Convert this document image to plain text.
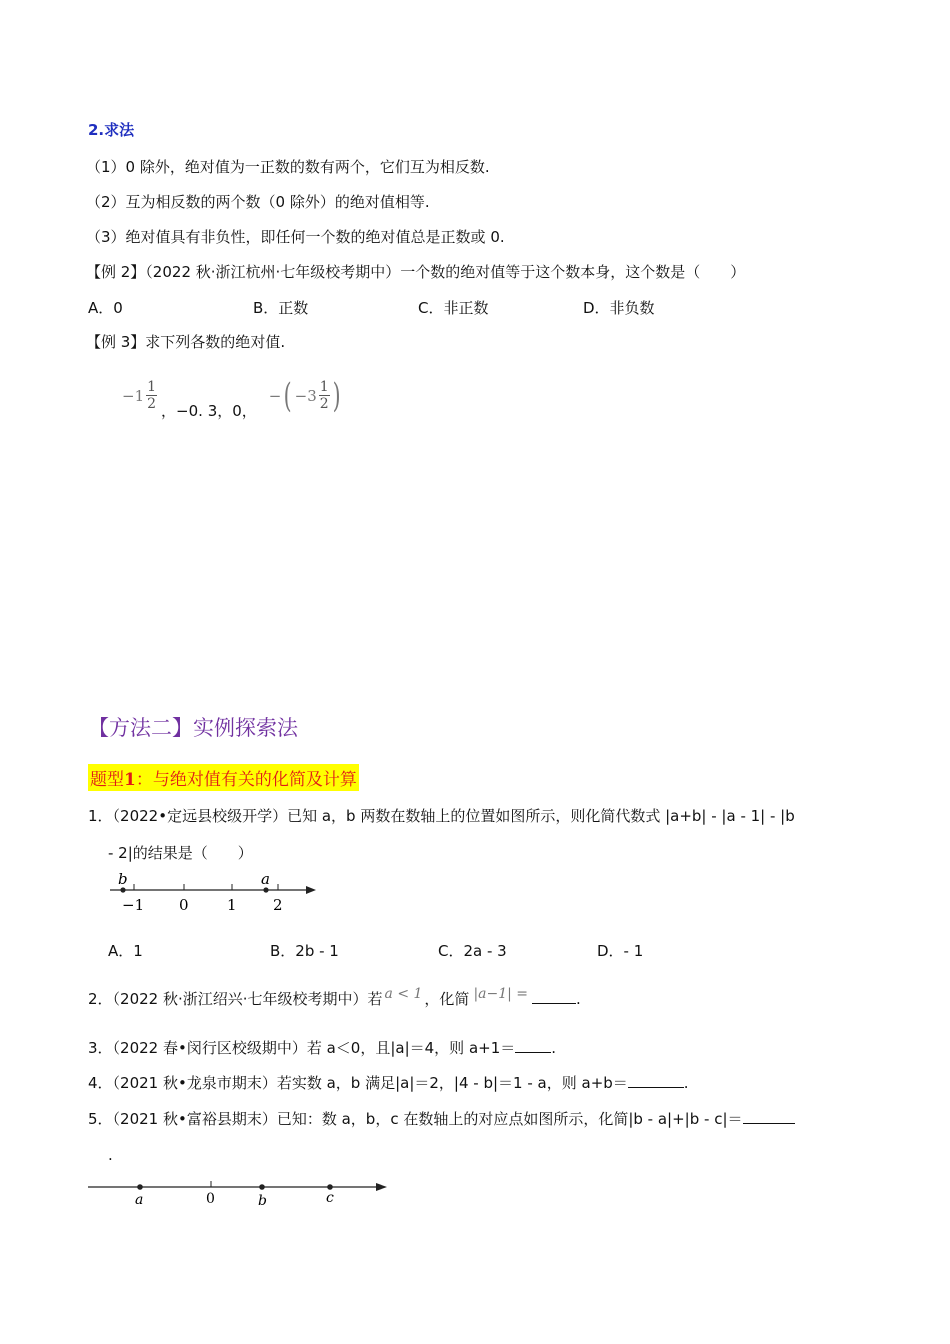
2.求法
（1）0 除外，绝对值为一正数的数有两个，它们互为相反数.
（2）互为相反数的两个数（0 除外）的绝对值相等.
（3）绝对值具有非负性，即任何一个数的绝对值总是正数或 0.
【例 2】（2022 秋·浙江杭州·七年级校考期中）一个数的绝对值等于这个数本身，这个数是（　　）
A．0	B．正数	C．非正数	D．非负数
【例 3】求下列各数的绝对值.
$-1 \frac{1}{2}$ ，−0. 3，0，
− ( $-3 \frac{1}{2}$ )
【方法二】实例探索法
题型1：与绝对值有关的化简及计算
1．（2022•定远县校级开学）已知 a，b 两数在数轴上的位置如图所示，则化简代数式 |a+b| ‐ |a ‐ 1| ‐ |b
‐ 2|的结果是（　　）
b	a
−1 0	1 2
A．1	B．2b ‐ 1	C．2a ‐ 3	D．‐ 1
2．（2022 秋·浙江绍兴·七年级校考期中）若 a < 1 ，化简 |a−1| =	.
3．（2022 春•闵行区校级期中）若 a＜0，且|a|＝4，则 a+1＝ .
4．（2021 秋•龙泉市期末）若实数 a，b 满足|a|＝2，|4 ‐ b|＝1 ‐ a，则 a+b＝	.
5．（2021 秋•富裕县期末）已知：数 a，b，c 在数轴上的对应点如图所示，化简|b ‐ a|+|b ‐ c|＝
.
a	0	b	c
